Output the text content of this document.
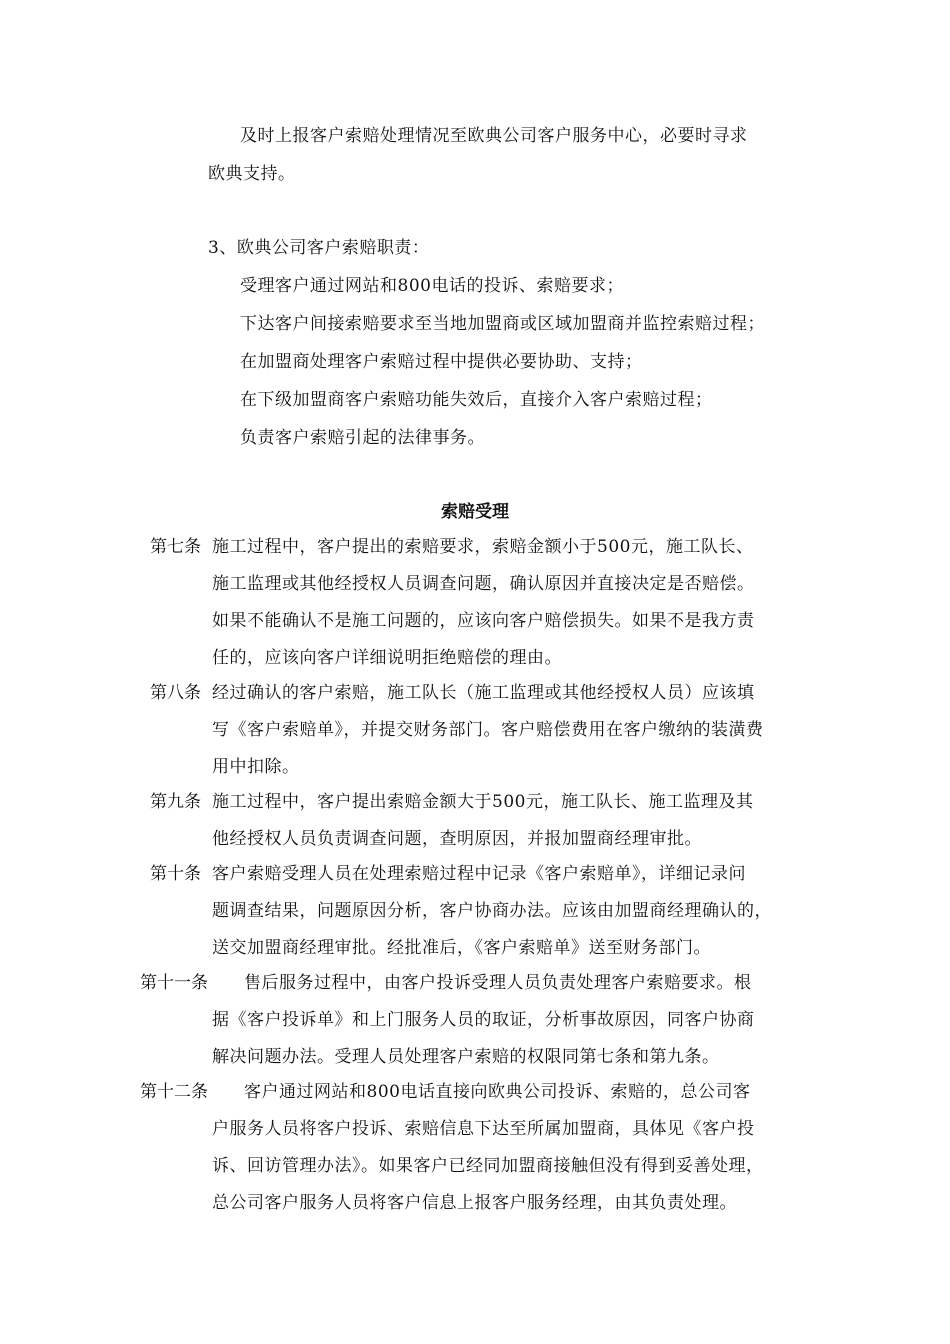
及时上报客户索赔处理情况至欧典公司客户服务中心，必要时寻求
欧典支持。
3、欧典公司客户索赔职责：
受理客户通过网站和800电话的投诉、索赔要求；
下达客户间接索赔要求至当地加盟商或区域加盟商并监控索赔过程；
在加盟商处理客户索赔过程中提供必要协助、支持；
在下级加盟商客户索赔功能失效后，直接介入客户索赔过程；
负责客户索赔引起的法律事务。
索赔受理
第七条 施工过程中，客户提出的索赔要求，索赔金额小于500元，施工队长、
施工监理或其他经授权人员调查问题，确认原因并直接决定是否赔偿。
如果不能确认不是施工问题的，应该向客户赔偿损失。如果不是我方责
任的，应该向客户详细说明拒绝赔偿的理由。
第八条 经过确认的客户索赔，施工队长（施工监理或其他经授权人员）应该填
写《客户索赔单》，并提交财务部门。客户赔偿费用在客户缴纳的装潢费
用中扣除。
第九条 施工过程中，客户提出索赔金额大于500元，施工队长、施工监理及其
他经授权人员负责调查问题，查明原因，并报加盟商经理审批。
第十条 客户索赔受理人员在处理索赔过程中记录《客户索赔单》，详细记录问
题调查结果，问题原因分析，客户协商办法。应该由加盟商经理确认的，
送交加盟商经理审批。经批准后，《客户索赔单》送至财务部门。
第十一条 售后服务过程中，由客户投诉受理人员负责处理客户索赔要求。根
据《客户投诉单》和上门服务人员的取证，分析事故原因，同客户协商
解决问题办法。受理人员处理客户索赔的权限同第七条和第九条。
第十二条 客户通过网站和800电话直接向欧典公司投诉、索赔的，总公司客
户服务人员将客户投诉、索赔信息下达至所属加盟商，具体见《客户投
诉、回访管理办法》。如果客户已经同加盟商接触但没有得到妥善处理，
总公司客户服务人员将客户信息上报客户服务经理，由其负责处理。
